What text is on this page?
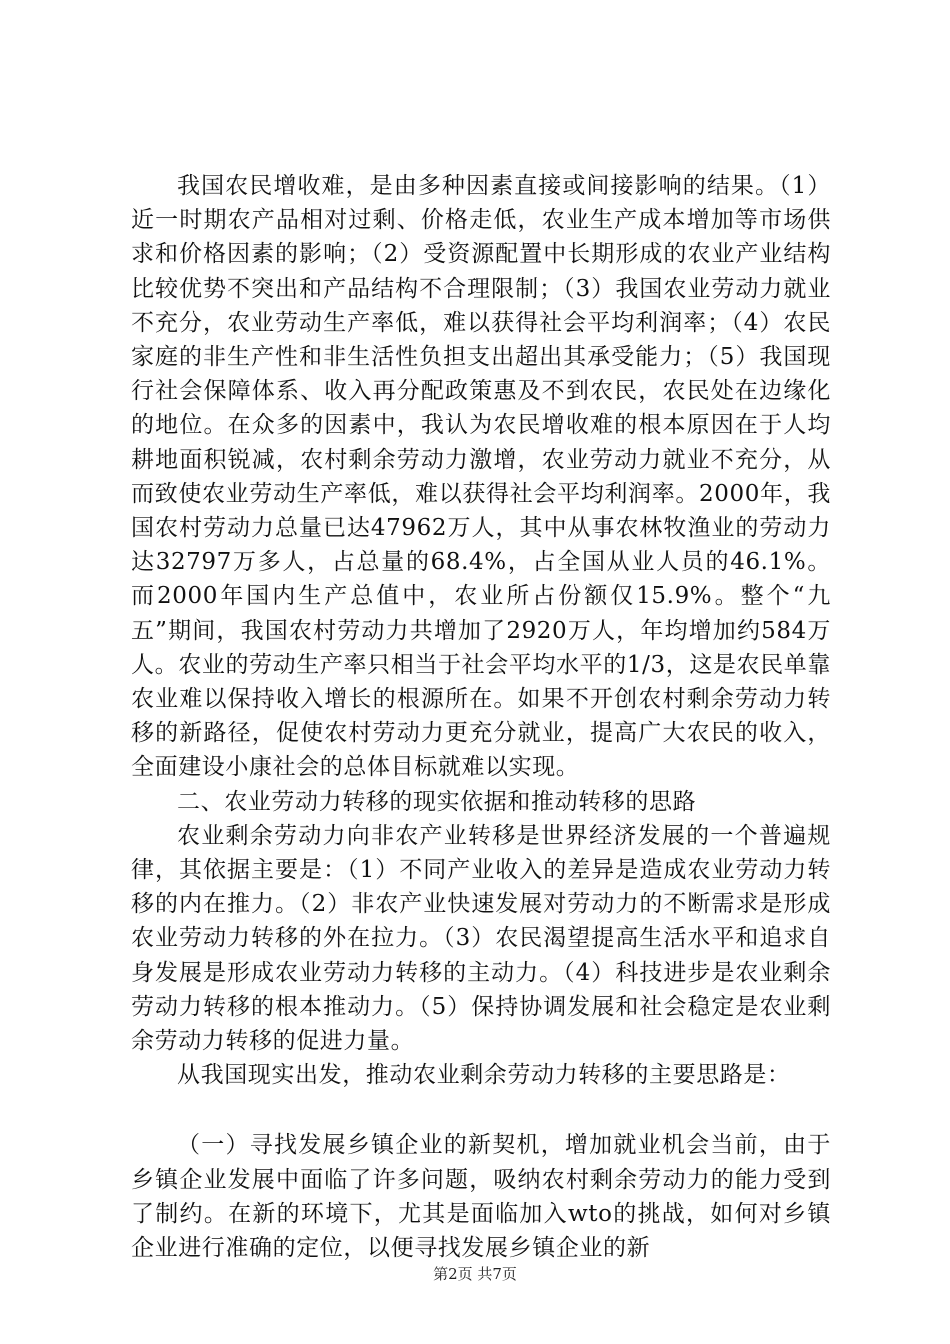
我国农民增收难，是由多种因素直接或间接影响的结果。（1）近一时期农产品相对过剩、价格走低，农业生产成本增加等市场供求和价格因素的影响；（2）受资源配置中长期形成的农业产业结构比较优势不突出和产品结构不合理限制；（3）我国农业劳动力就业不充分，农业劳动生产率低，难以获得社会平均利润率；（4）农民家庭的非生产性和非生活性负担支出超出其承受能力；（5）我国现行社会保障体系、收入再分配政策惠及不到农民，农民处在边缘化的地位。在众多的因素中，我认为农民增收难的根本原因在于人均耕地面积锐减，农村剩余劳动力激增，农业劳动力就业不充分，从而致使农业劳动生产率低，难以获得社会平均利润率。2000年，我国农村劳动力总量已达47962万人，其中从事农林牧渔业的劳动力达32797万多人，占总量的68.4%，占全国从业人员的46.1%。而2000年国内生产总值中，农业所占份额仅15.9%。整个“九五”期间，我国农村劳动力共增加了2920万人，年均增加约584万人。农业的劳动生产率只相当于社会平均水平的1/3，这是农民单靠农业难以保持收入增长的根源所在。如果不开创农村剩余劳动力转移的新路径，促使农村劳动力更充分就业，提高广大农民的收入，全面建设小康社会的总体目标就难以实现。

二、农业劳动力转移的现实依据和推动转移的思路

农业剩余劳动力向非农产业转移是世界经济发展的一个普遍规律，其依据主要是：（1）不同产业收入的差异是造成农业劳动力转移的内在推力。（2）非农产业快速发展对劳动力的不断需求是形成农业劳动力转移的外在拉力。（3）农民渴望提高生活水平和追求自身发展是形成农业劳动力转移的主动力。（4）科技进步是农业剩余劳动力转移的根本推动力。（5）保持协调发展和社会稳定是农业剩余劳动力转移的促进力量。

从我国现实出发，推动农业剩余劳动力转移的主要思路是：

（一）寻找发展乡镇企业的新契机，增加就业机会当前，由于乡镇企业发展中面临了许多问题，吸纳农村剩余劳动力的能力受到了制约。在新的环境下，尤其是面临加入wto的挑战，如何对乡镇企业进行准确的定位，以便寻找发展乡镇企业的新

第2页 共7页
